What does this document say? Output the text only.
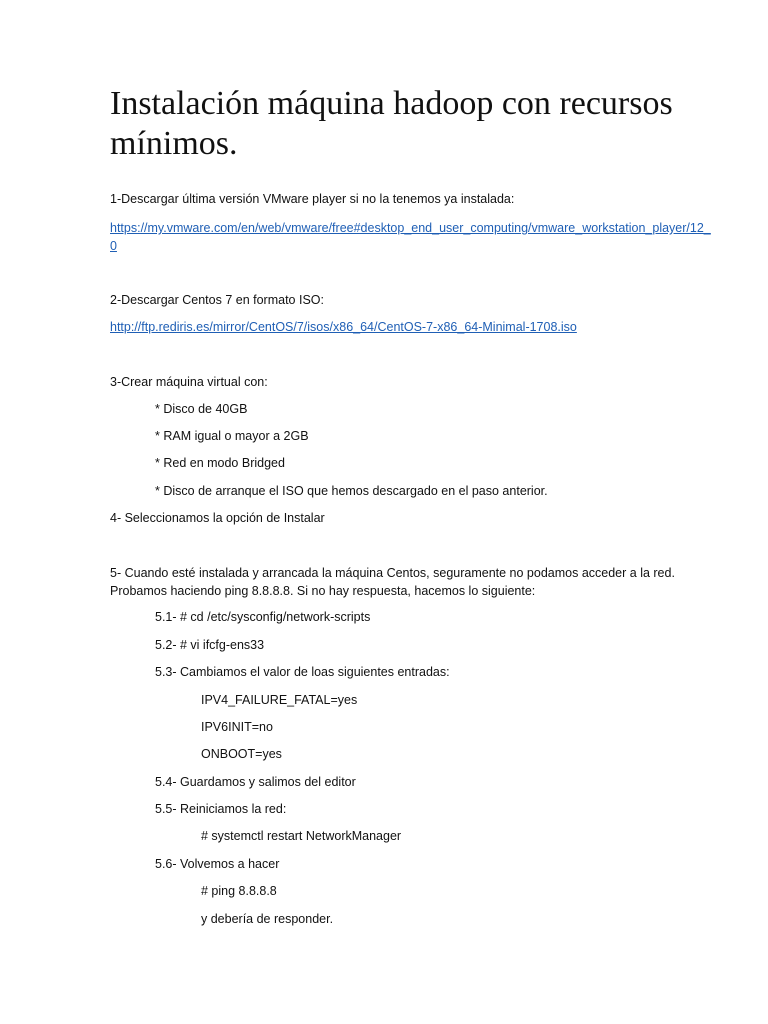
Instalación máquina hadoop con recursos mínimos.

1-Descargar última versión VMware player si no la tenemos ya instalada:

https://my.vmware.com/en/web/vmware/free#desktop_end_user_computing/vmware_workstation_player/12_0

2-Descargar Centos 7 en formato ISO:

http://ftp.rediris.es/mirror/CentOS/7/isos/x86_64/CentOS-7-x86_64-Minimal-1708.iso

3-Crear máquina virtual con:

* Disco de 40GB

* RAM igual o mayor a 2GB

* Red en modo Bridged

* Disco de arranque el ISO que hemos descargado en el paso anterior.

4- Seleccionamos la opción de Instalar

5- Cuando esté instalada y arrancada la máquina Centos, seguramente no podamos acceder a la red. Probamos haciendo ping 8.8.8.8. Si no hay respuesta, hacemos lo siguiente:

5.1- # cd /etc/sysconfig/network-scripts

5.2- # vi ifcfg-ens33

5.3- Cambiamos el valor de loas siguientes entradas:

IPV4_FAILURE_FATAL=yes

IPV6INIT=no

ONBOOT=yes

5.4- Guardamos y salimos del editor

5.5- Reiniciamos la red:

# systemctl restart NetworkManager

5.6- Volvemos a hacer

# ping 8.8.8.8

y debería de responder.
